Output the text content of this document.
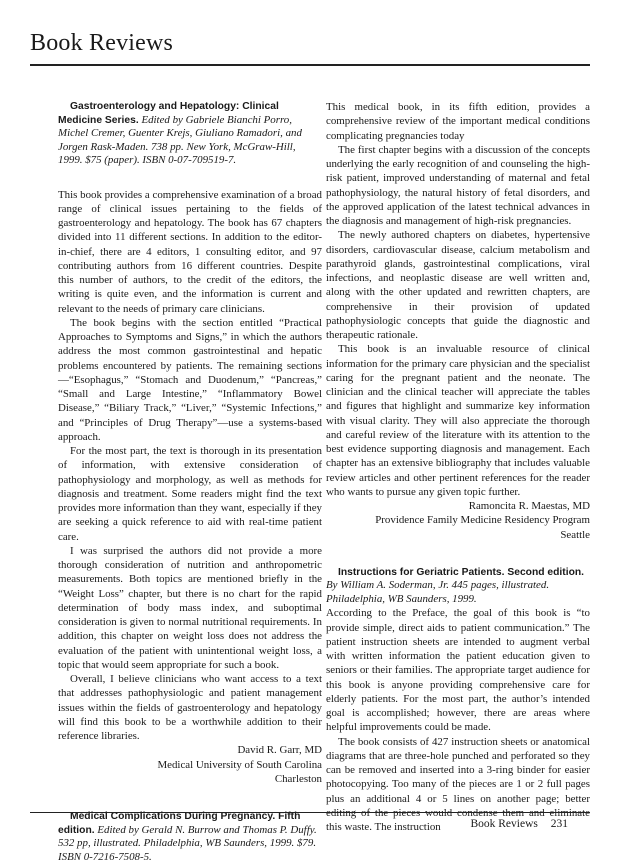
Book Reviews

Gastroenterology and Hepatology: Clinical Medicine Series. Edited by Gabriele Bianchi Porro, Michel Cremer, Guenter Krejs, Giuliano Ramadori, and Jorgen Rask-Maden. 738 pp. New York, McGraw-Hill, 1999. $75 (paper). ISBN 0-07-709519-7.

This book provides a comprehensive examination of a broad range of clinical issues pertaining to the fields of gastroenterology and hepatology. The book has 67 chapters divided into 11 different sections. In addition to the editor-in-chief, there are 4 editors, 1 consulting editor, and 97 contributing authors from 16 different countries. Despite this number of authors, to the credit of the editors, the writing is quite even, and the information is current and relevant to the needs of primary care clinicians.

The book begins with the section entitled “Practical Approaches to Symptoms and Signs,” in which the authors address the most common gastrointestinal and hepatic problems encountered by patients. The remaining sections—“Esophagus,” “Stomach and Duodenum,” “Pancreas,” “Small and Large Intestine,” “Inflammatory Bowel Disease,” “Biliary Track,” “Liver,” “Systemic Infections,” and “Principles of Drug Therapy”—use a systems-based approach.

For the most part, the text is thorough in its presentation of information, with extensive consideration of pathophysiology and morphology, as well as methods for diagnosis and treatment. Some readers might find the text provides more information than they want, especially if they are seeking a quick reference to aid with real-time patient care.

I was surprised the authors did not provide a more thorough consideration of nutrition and anthropometric measurements. Both topics are mentioned briefly in the “Weight Loss” chapter, but there is no chart for the rapid determination of body mass index, and suboptimal consideration is given to normal nutritional requirements. In addition, this chapter on weight loss does not address the evaluation of the patient with unintentional weight loss, a topic that would seem appropriate for such a book.

Overall, I believe clinicians who want access to a text that addresses pathophysiologic and patient management issues within the fields of gastroenterology and hepatology will find this book to be a worthwhile addition to their reference libraries.

David R. Garr, MD

Medical University of South Carolina

Charleston

Medical Complications During Pregnancy. Fifth edition. Edited by Gerald N. Burrow and Thomas P. Duffy. 532 pp, illustrated. Philadelphia, WB Saunders, 1999. $79. ISBN 0-7216-7508-5.

This medical book, in its fifth edition, provides a comprehensive review of the important medical conditions complicating pregnancies today

The first chapter begins with a discussion of the concepts underlying the early recognition of and counseling the high-risk patient, improved understanding of maternal and fetal pathophysiology, the natural history of fetal disorders, and the approved application of the latest technical advances in the diagnosis and management of high-risk pregnancies.

The newly authored chapters on diabetes, hypertensive disorders, cardiovascular disease, calcium metabolism and parathyroid glands, gastrointestinal complications, viral infections, and neoplastic disease are well written and, along with the other updated and rewritten chapters, are comprehensive in their provision of updated pathophysiologic concepts that guide the diagnostic and therapeutic rationale.

This book is an invaluable resource of clinical information for the primary care physician and the specialist caring for the pregnant patient and the neonate. The clinician and the clinical teacher will appreciate the tables and figures that highlight and summarize key information with visual clarity. They will also appreciate the thorough and careful review of the literature with its attention to the best evidence supporting diagnosis and management. Each chapter has an extensive bibliography that includes valuable review articles and other pertinent references for the reader who wants to pursue any given topic further.

Ramoncita R. Maestas, MD

Providence Family Medicine Residency Program

Seattle

Instructions for Geriatric Patients. Second edition. By William A. Soderman, Jr. 445 pages, illustrated. Philadelphia, WB Saunders, 1999.

According to the Preface, the goal of this book is “to provide simple, direct aids to patient communication.” The patient instruction sheets are intended to augment verbal with written information the patient education given to seniors or their families. The appropriate target audience for this book is anyone providing comprehensive care for elderly patients. For the most part, the author’s intended goal is accomplished; however, there are areas where helpful improvements could be made.

The book consists of 427 instruction sheets or anatomical diagrams that are three-hole punched and perforated so they can be removed and inserted into a 3-ring binder for easier photocopying. Too many of the pieces are 1 or 2 full pages plus an additional 4 or 5 lines on another page; better editing of the pieces would condense them and eliminate this waste. The instruction	Book Reviews 231
